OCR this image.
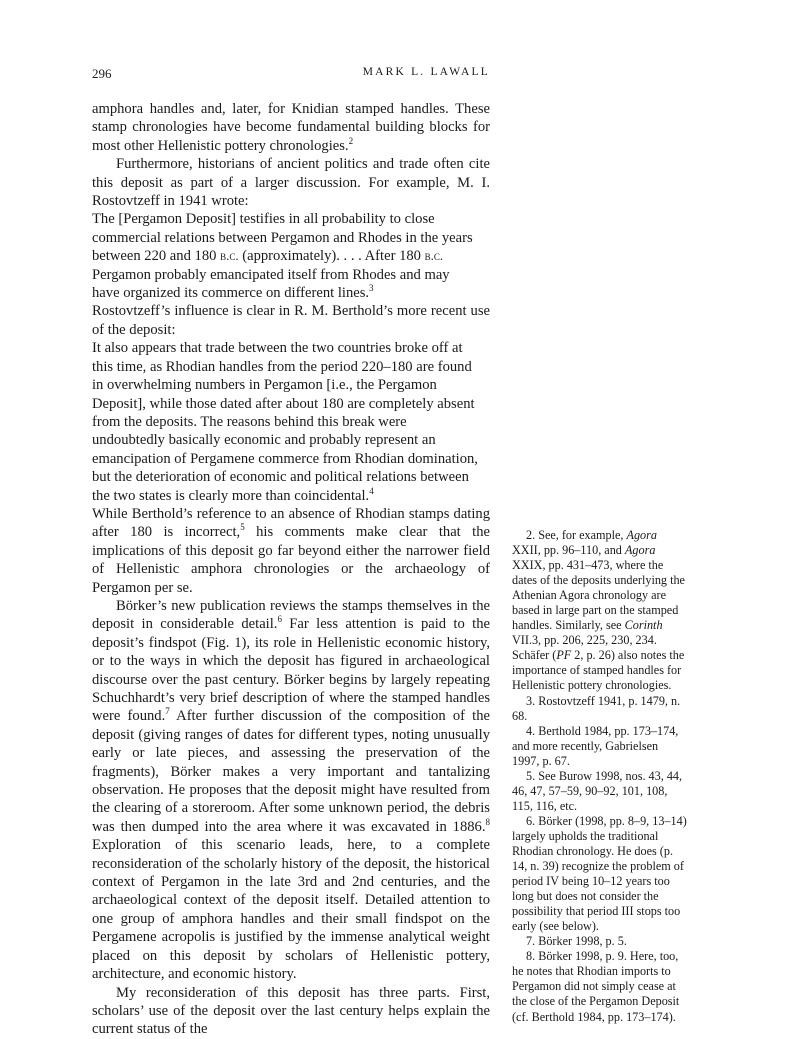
296	MARK L. LAWALL

amphora handles and, later, for Knidian stamped handles. These stamp chronologies have become fundamental building blocks for most other Hellenistic pottery chronologies.$^2$

Furthermore, historians of ancient politics and trade often cite this deposit as part of a larger discussion. For example, M. I. Rostovtzeff in 1941 wrote:

The [Pergamon Deposit] testifies in all probability to close commercial relations between Pergamon and Rhodes in the years between 220 and 180 b.c. (approximately). . . . After 180 b.c. Pergamon probably emancipated itself from Rhodes and may have organized its commerce on different lines.$^3$

Rostovtzeff’s influence is clear in R. M. Berthold’s more recent use of the deposit:

It also appears that trade between the two countries broke off at this time, as Rhodian handles from the period 220–180 are found in overwhelming numbers in Pergamon [i.e., the Pergamon Deposit], while those dated after about 180 are completely absent from the deposits. The reasons behind this break were undoubtedly basically economic and probably represent an emancipation of Pergamene commerce from Rhodian domination, but the deterioration of economic and political relations between the two states is clearly more than coincidental.$^4$

While Berthold’s reference to an absence of Rhodian stamps dating after 180 is incorrect,$^5$ his comments make clear that the implications of this deposit go far beyond either the narrower field of Hellenistic amphora chronologies or the archaeology of Pergamon per se.

Börker’s new publication reviews the stamps themselves in the deposit in considerable detail.$^6$ Far less attention is paid to the deposit’s findspot (Fig. 1), its role in Hellenistic economic history, or to the ways in which the deposit has figured in archaeological discourse over the past century. Börker begins by largely repeating Schuchhardt’s very brief description of where the stamped handles were found.$^7$ After further discussion of the composition of the deposit (giving ranges of dates for different types, noting unusually early or late pieces, and assessing the preservation of the fragments), Börker makes a very important and tantalizing observation. He proposes that the deposit might have resulted from the clearing of a storeroom. After some unknown period, the debris was then dumped into the area where it was excavated in 1886.$^8$ Exploration of this scenario leads, here, to a complete reconsideration of the scholarly history of the deposit, the historical context of Pergamon in the late 3rd and 2nd centuries, and the archaeological context of the deposit itself. Detailed attention to one group of amphora handles and their small findspot on the Pergamene acropolis is justified by the immense analytical weight placed on this deposit by scholars of Hellenistic pottery, architecture, and economic history.

My reconsideration of this deposit has three parts. First, scholars’ use of the deposit over the last century helps explain the current status of the

2. See, for example, Agora XXII, pp. 96–110, and Agora XXIX, pp. 431–473, where the dates of the deposits underlying the Athenian Agora chronology are based in large part on the stamped handles. Similarly, see Corinth VII.3, pp. 206, 225, 230, 234. Schäfer (PF 2, p. 26) also notes the importance of stamped handles for Hellenistic pottery chronologies.

3. Rostovtzeff 1941, p. 1479, n. 68.

4. Berthold 1984, pp. 173–174, and more recently, Gabrielsen 1997, p. 67.

5. See Burow 1998, nos. 43, 44, 46, 47, 57–59, 90–92, 101, 108, 115, 116, etc.

6. Börker (1998, pp. 8–9, 13–14) largely upholds the traditional Rhodian chronology. He does (p. 14, n. 39) recognize the problem of period IV being 10–12 years too long but does not consider the possibility that period III stops too early (see below).

7. Börker 1998, p. 5.

8. Börker 1998, p. 9. Here, too, he notes that Rhodian imports to Pergamon did not simply cease at the close of the Pergamon Deposit (cf. Berthold 1984, pp. 173–174).
